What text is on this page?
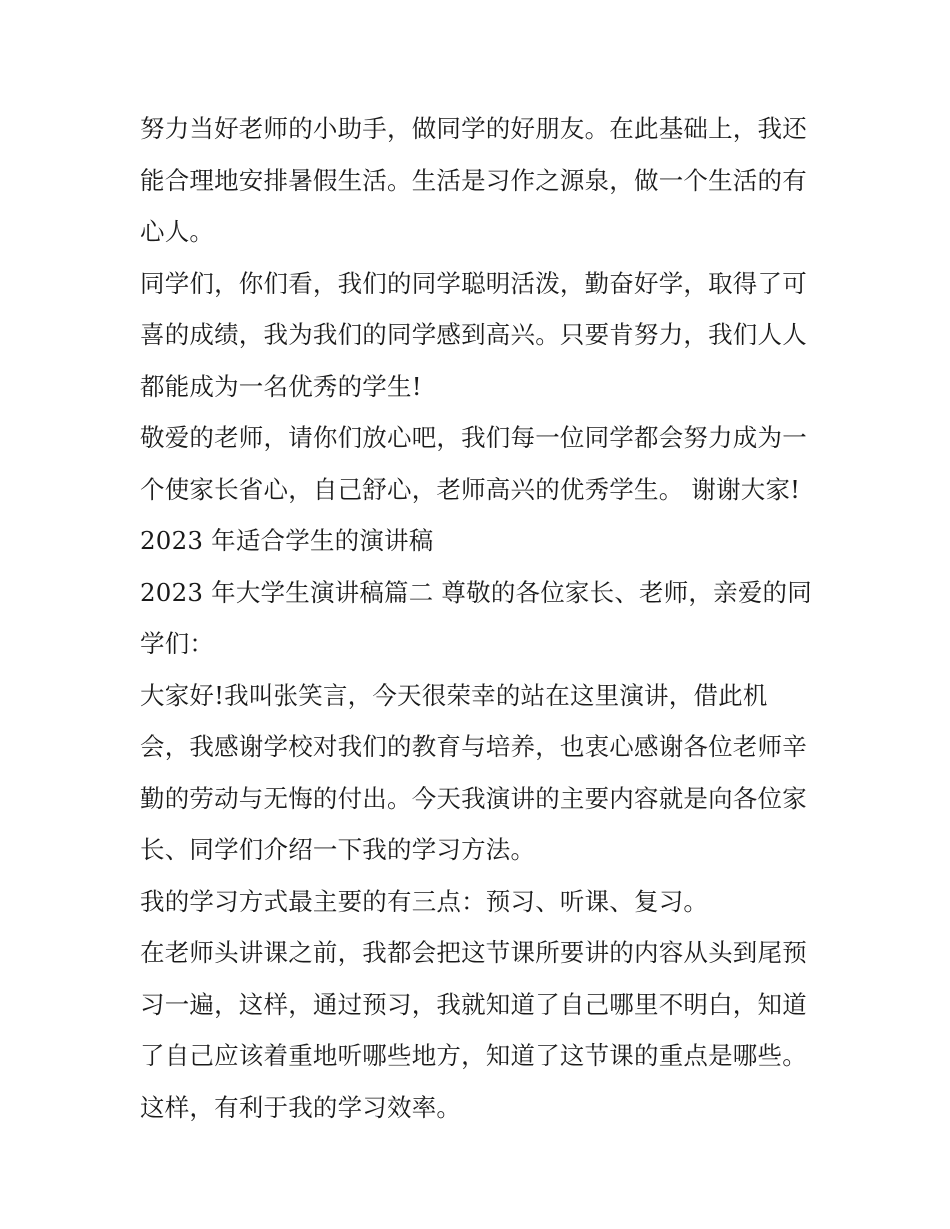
努力当好老师的小助手，做同学的好朋友。在此基础上，我还
能合理地安排暑假生活。生活是习作之源泉，做一个生活的有
心人。
同学们，你们看，我们的同学聪明活泼，勤奋好学，取得了可
喜的成绩，我为我们的同学感到高兴。只要肯努力，我们人人
都能成为一名优秀的学生!
敬爱的老师，请你们放心吧，我们每一位同学都会努力成为一
个使家长省心，自己舒心，老师高兴的优秀学生。 谢谢大家!
2023 年适合学生的演讲稿
2023 年大学生演讲稿篇二 尊敬的各位家长、老师，亲爱的同
学们：
大家好!我叫张笑言，今天很荣幸的站在这里演讲，借此机
会，我感谢学校对我们的教育与培养，也衷心感谢各位老师辛
勤的劳动与无悔的付出。今天我演讲的主要内容就是向各位家
长、同学们介绍一下我的学习方法。
我的学习方式最主要的有三点：预习、听课、复习。
在老师头讲课之前，我都会把这节课所要讲的内容从头到尾预
习一遍，这样，通过预习，我就知道了自己哪里不明白，知道
了自己应该着重地听哪些地方，知道了这节课的重点是哪些。
这样，有利于我的学习效率。
